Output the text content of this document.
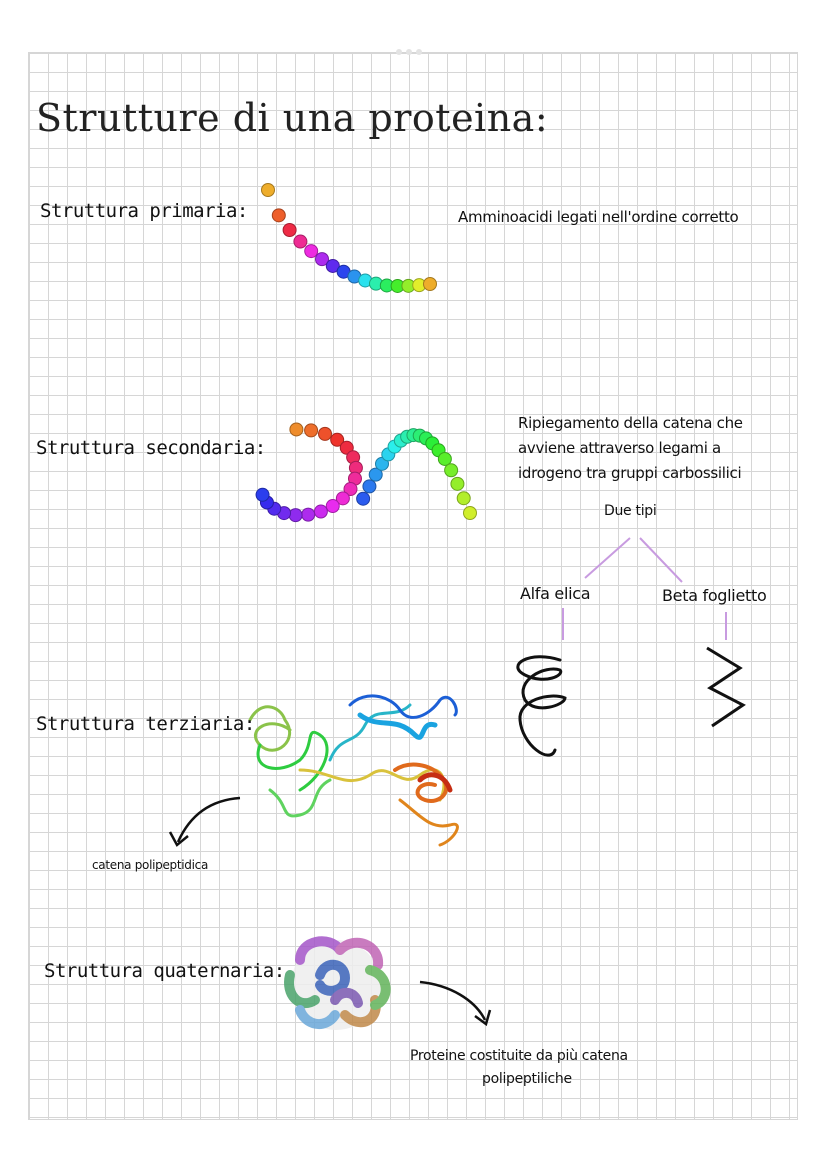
Strutture di una proteina:
Struttura primaria:	Amminoacidi legati nell'ordine corretto
Struttura secondaria:
Ripiegamento della catena che
avviene attraverso legami a
idrogeno tra gruppi carbossilici
Due tipi
Alfa elica	Beta foglietto
Struttura terziaria:
catena polipeptidica
Struttura quaternaria:
Proteine costituite da più catena
polipeptiliche
